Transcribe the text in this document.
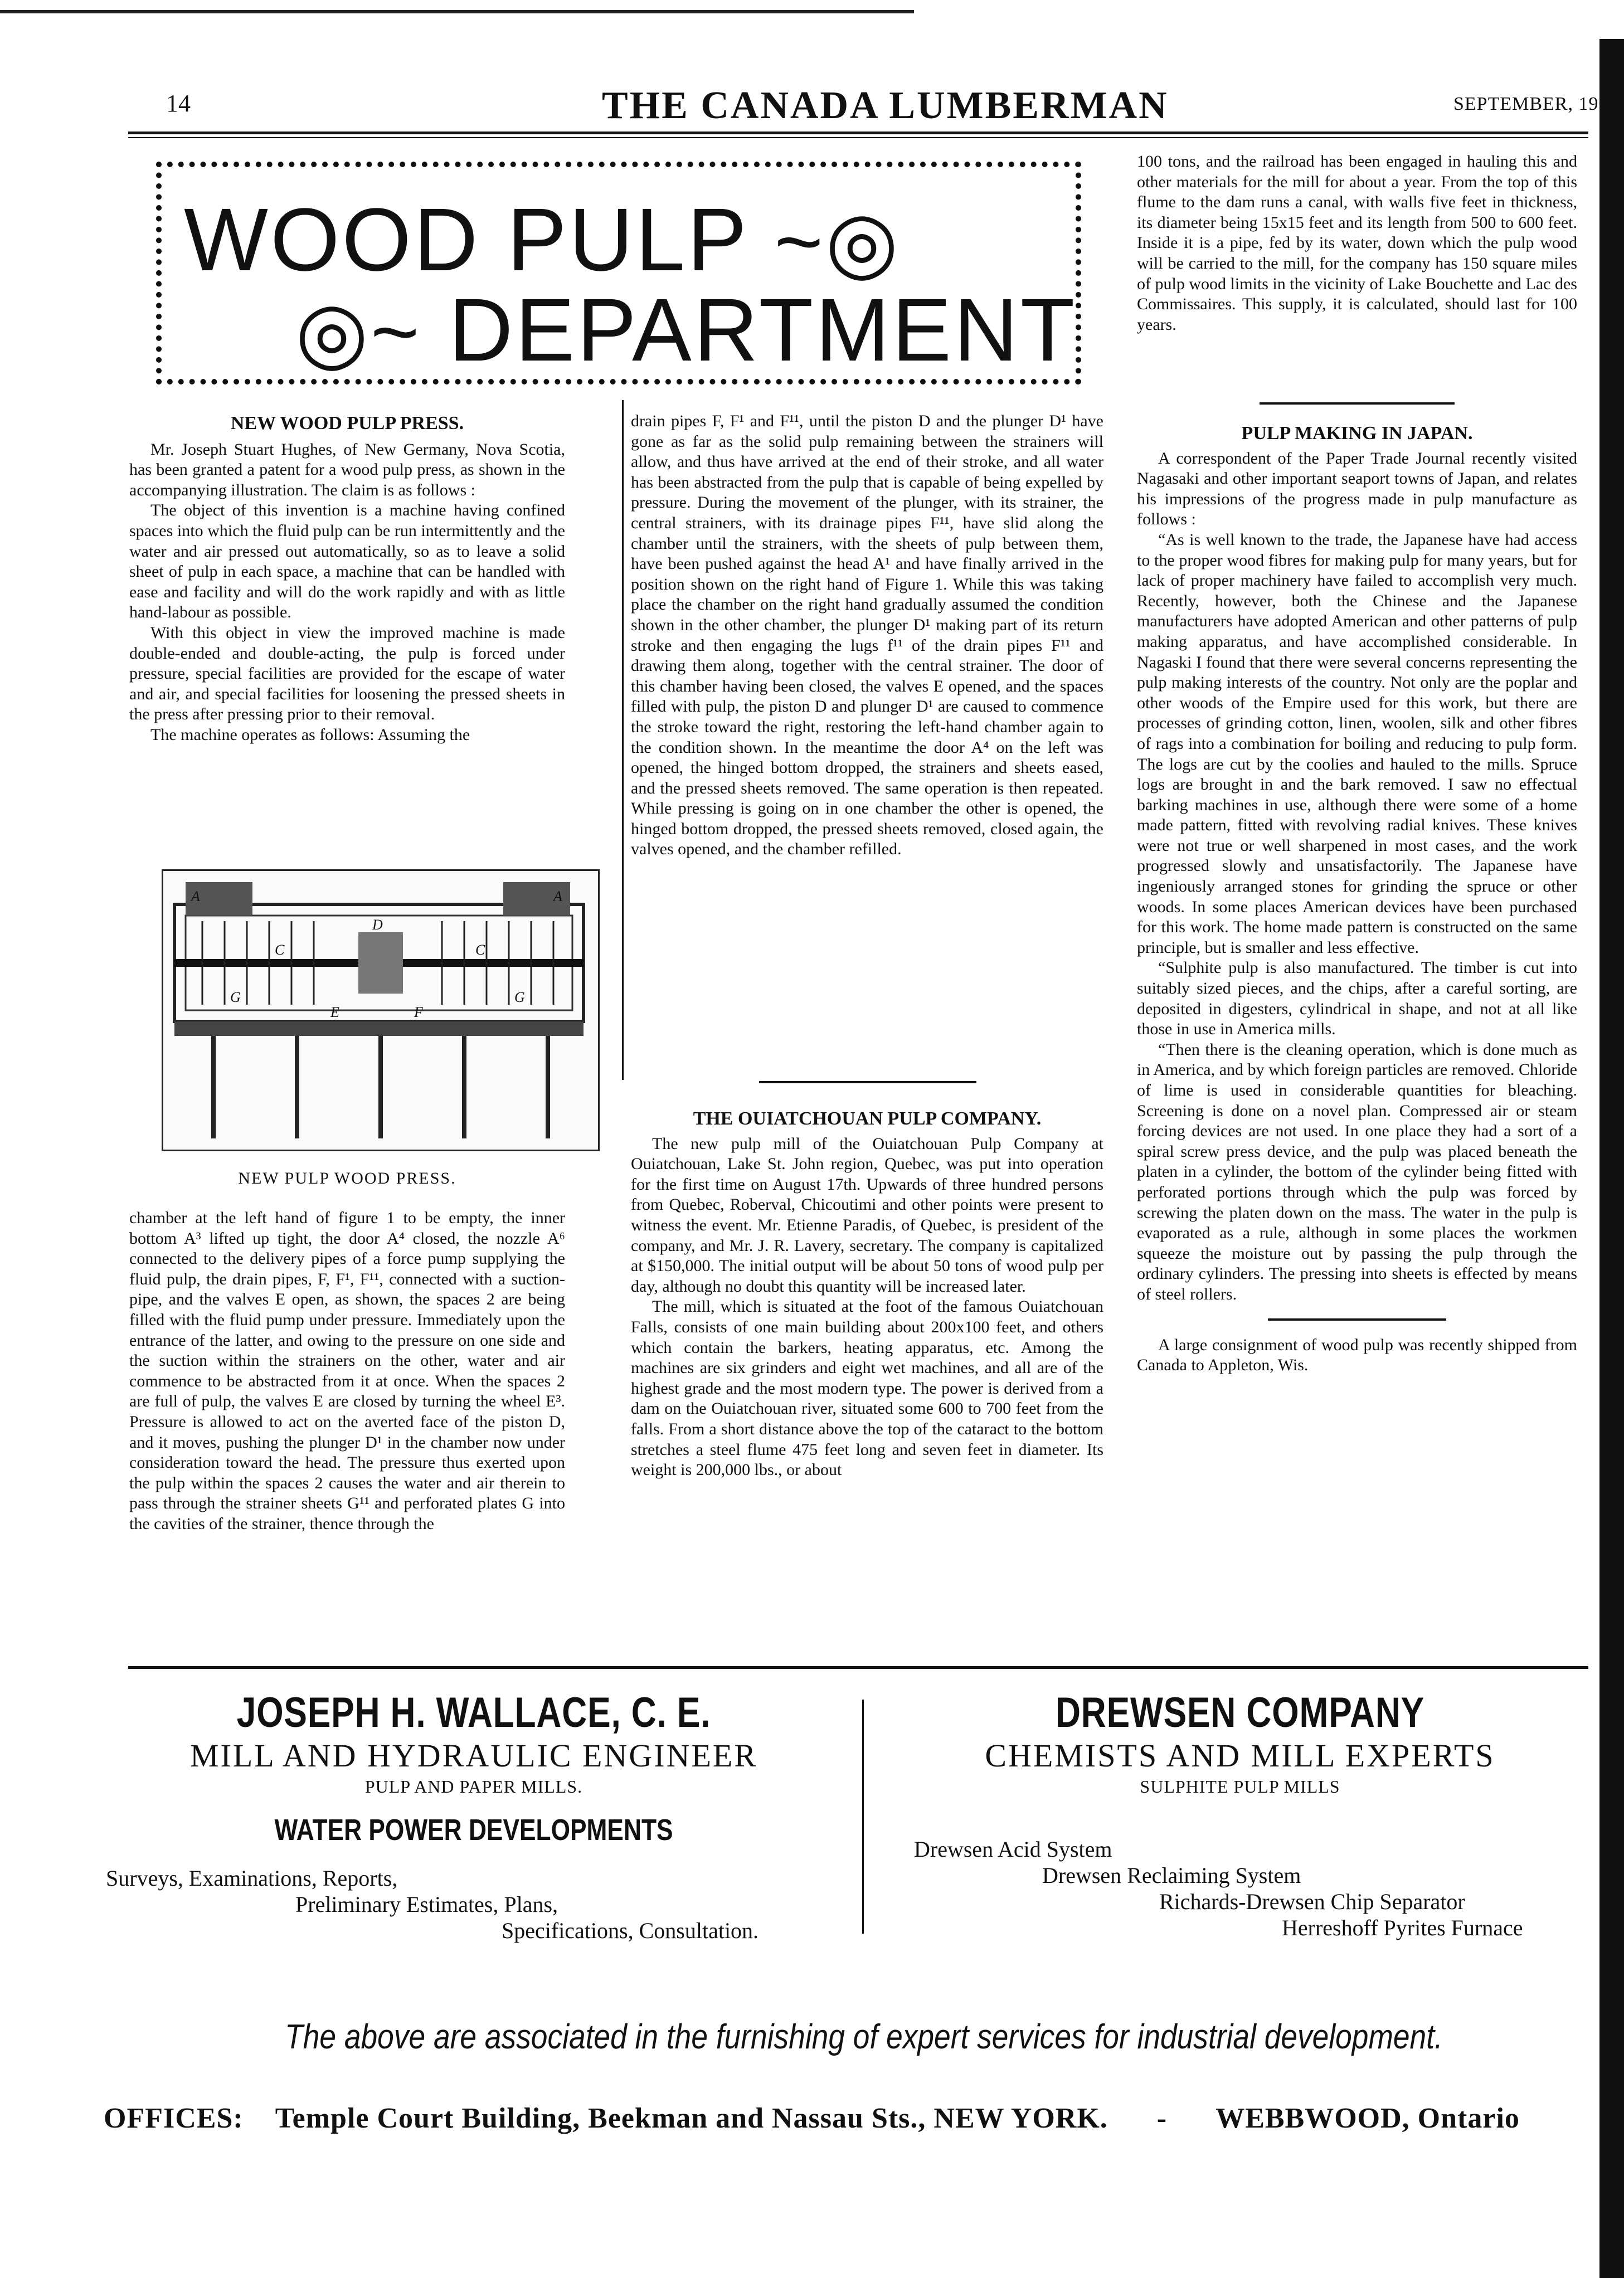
14	THE CANADA LUMBERMAN	SEPTEMBER, 1902
WOOD PULP ~◎
◎~ DEPARTMENT
NEW WOOD PULP PRESS.

Mr. Joseph Stuart Hughes, of New Germany, Nova Scotia, has been granted a patent for a wood pulp press, as shown in the accompanying illustration. The claim is as follows :

The object of this invention is a machine having confined spaces into which the fluid pulp can be run intermittently and the water and air pressed out automatically, so as to leave a solid sheet of pulp in each space, a machine that can be handled with ease and facility and will do the work rapidly and with as little hand-labour as possible.

With this object in view the improved machine is made double-ended and double-acting, the pulp is forced under pressure, special facilities are provided for the escape of water and air, and special facilities for loosening the pressed sheets in the press after pressing prior to their removal.

The machine operates as follows: Assuming the

A	A
C	C
G	G
D
E	F
NEW PULP WOOD PRESS.

chamber at the left hand of figure 1 to be empty, the inner bottom A³ lifted up tight, the door A⁴ closed, the nozzle A⁶ connected to the delivery pipes of a force pump supplying the fluid pulp, the drain pipes, F, F¹, F¹¹, connected with a suction-pipe, and the valves E open, as shown, the spaces 2 are being filled with the fluid pump under pressure. Immediately upon the entrance of the latter, and owing to the pressure on one side and the suction within the strainers on the other, water and air commence to be abstracted from it at once. When the spaces 2 are full of pulp, the valves E are closed by turning the wheel E³. Pressure is allowed to act on the averted face of the piston D, and it moves, pushing the plunger D¹ in the chamber now under consideration toward the head. The pressure thus exerted upon the pulp within the spaces 2 causes the water and air therein to pass through the strainer sheets G¹¹ and perforated plates G into the cavities of the strainer, thence through the

drain pipes F, F¹ and F¹¹, until the piston D and the plunger D¹ have gone as far as the solid pulp remaining between the strainers will allow, and thus have arrived at the end of their stroke, and all water has been abstracted from the pulp that is capable of being expelled by pressure. During the movement of the plunger, with its strainer, the central strainers, with its drainage pipes F¹¹, have slid along the chamber until the strainers, with the sheets of pulp between them, have been pushed against the head A¹ and have finally arrived in the position shown on the right hand of Figure 1. While this was taking place the chamber on the right hand gradually assumed the condition shown in the other chamber, the plunger D¹ making part of its return stroke and then engaging the lugs f¹¹ of the drain pipes F¹¹ and drawing them along, together with the central strainer. The door of this chamber having been closed, the valves E opened, and the spaces filled with pulp, the piston D and plunger D¹ are caused to commence the stroke toward the right, restoring the left-hand chamber again to the condition shown. In the meantime the door A⁴ on the left was opened, the hinged bottom dropped, the strainers and sheets eased, and the pressed sheets removed. The same operation is then repeated. While pressing is going on in one chamber the other is opened, the hinged bottom dropped, the pressed sheets removed, closed again, the valves opened, and the chamber refilled.

THE OUIATCHOUAN PULP COMPANY.

The new pulp mill of the Ouiatchouan Pulp Company at Ouiatchouan, Lake St. John region, Quebec, was put into operation for the first time on August 17th. Upwards of three hundred persons from Quebec, Roberval, Chicoutimi and other points were present to witness the event. Mr. Etienne Paradis, of Quebec, is president of the company, and Mr. J. R. Lavery, secretary. The company is capitalized at $150,000. The initial output will be about 50 tons of wood pulp per day, although no doubt this quantity will be increased later.

The mill, which is situated at the foot of the famous Ouiatchouan Falls, consists of one main building about 200x100 feet, and others which contain the barkers, heating apparatus, etc. Among the machines are six grinders and eight wet machines, and all are of the highest grade and the most modern type. The power is derived from a dam on the Ouiatchouan river, situated some 600 to 700 feet from the falls. From a short distance above the top of the cataract to the bottom stretches a steel flume 475 feet long and seven feet in diameter. Its weight is 200,000 lbs., or about

100 tons, and the railroad has been engaged in hauling this and other materials for the mill for about a year. From the top of this flume to the dam runs a canal, with walls five feet in thickness, its diameter being 15x15 feet and its length from 500 to 600 feet. Inside it is a pipe, fed by its water, down which the pulp wood will be carried to the mill, for the company has 150 square miles of pulp wood limits in the vicinity of Lake Bouchette and Lac des Commissaires. This supply, it is calculated, should last for 100 years.

PULP MAKING IN JAPAN.

A correspondent of the Paper Trade Journal recently visited Nagasaki and other important seaport towns of Japan, and relates his impressions of the progress made in pulp manufacture as follows :

“As is well known to the trade, the Japanese have had access to the proper wood fibres for making pulp for many years, but for lack of proper machinery have failed to accomplish very much. Recently, however, both the Chinese and the Japanese manufacturers have adopted American and other patterns of pulp making apparatus, and have accomplished considerable. In Nagaski I found that there were several concerns representing the pulp making interests of the country. Not only are the poplar and other woods of the Empire used for this work, but there are processes of grinding cotton, linen, woolen, silk and other fibres of rags into a combination for boiling and reducing to pulp form. The logs are cut by the coolies and hauled to the mills. Spruce logs are brought in and the bark removed. I saw no effectual barking machines in use, although there were some of a home made pattern, fitted with revolving radial knives. These knives were not true or well sharpened in most cases, and the work progressed slowly and unsatisfactorily. The Japanese have ingeniously arranged stones for grinding the spruce or other woods. In some places American devices have been purchased for this work. The home made pattern is constructed on the same principle, but is smaller and less effective.

“Sulphite pulp is also manufactured. The timber is cut into suitably sized pieces, and the chips, after a careful sorting, are deposited in digesters, cylindrical in shape, and not at all like those in use in America mills.

“Then there is the cleaning operation, which is done much as in America, and by which foreign particles are removed. Chloride of lime is used in considerable quantities for bleaching. Screening is done on a novel plan. Compressed air or steam forcing devices are not used. In one place they had a sort of a spiral screw press device, and the pulp was placed beneath the platen in a cylinder, the bottom of the cylinder being fitted with perforated portions through which the pulp was forced by screwing the platen down on the mass. The water in the pulp is evaporated as a rule, although in some places the workmen squeeze the moisture out by passing the pulp through the ordinary cylinders. The pressing into sheets is effected by means of steel rollers.

A large consignment of wood pulp was recently shipped from Canada to Appleton, Wis.

JOSEPH H. WALLACE, C. E.
MILL AND HYDRAULIC ENGINEER
PULP AND PAPER MILLS.
WATER POWER DEVELOPMENTS
Surveys, Examinations, Reports,
Preliminary Estimates, Plans,
Specifications, Consultation.
DREWSEN COMPANY
CHEMISTS AND MILL EXPERTS
SULPHITE PULP MILLS
Drewsen Acid System
Drewsen Reclaiming System
Richards-Drewsen Chip Separator
Herreshoff Pyrites Furnace
The above are associated in the furnishing of expert services for industrial development.
OFFICES: Temple Court Building, Beekman and Nassau Sts., NEW YORK. - WEBBWOOD, Ontario
